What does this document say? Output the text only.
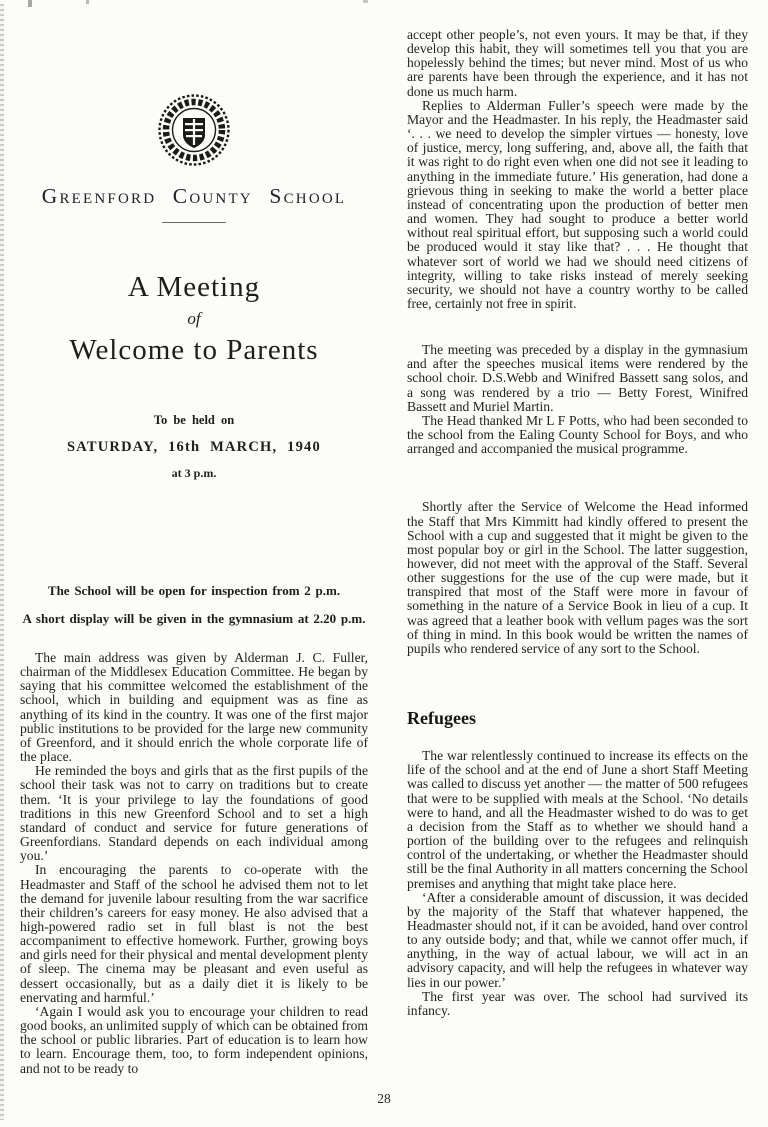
Greenford County School
A Meeting
of
Welcome to Parents
To be held on
SATURDAY, 16th MARCH, 1940
at 3 p.m.

The School will be open for inspection from 2 p.m.

A short display will be given in the gymnasium at 2.20 p.m.

The main address was given by Alderman J. C. Fuller, chairman of the Middlesex Education Committee. He began by saying that his committee welcomed the establishment of the school, which in building and equipment was as fine as anything of its kind in the country. It was one of the first major public institutions to be provided for the large new community of Greenford, and it should enrich the whole corporate life of the place.

He reminded the boys and girls that as the first pupils of the school their task was not to carry on traditions but to create them. ‘It is your privilege to lay the foundations of good traditions in this new Greenford School and to set a high standard of conduct and service for future generations of Greenfordians. Standard depends on each individual among you.’

In encouraging the parents to co-operate with the Headmaster and Staff of the school he advised them not to let the demand for juvenile labour resulting from the war sacrifice their children’s careers for easy money. He also advised that a high-powered radio set in full blast is not the best accompaniment to effective homework. Further, growing boys and girls need for their physical and mental development plenty of sleep. The cinema may be pleasant and even useful as dessert occasionally, but as a daily diet it is likely to be enervating and harmful.’

‘Again I would ask you to encourage your children to read good books, an unlimited supply of which can be obtained from the school or public libraries. Part of education is to learn how to learn. Encourage them, too, to form independent opinions, and not to be ready to

accept other people’s, not even yours. It may be that, if they develop this habit, they will sometimes tell you that you are hopelessly behind the times; but never mind. Most of us who are parents have been through the experience, and it has not done us much harm.

Replies to Alderman Fuller’s speech were made by the Mayor and the Headmaster. In his reply, the Headmaster said ‘. . . we need to develop the simpler virtues — honesty, love of justice, mercy, long suffering, and, above all, the faith that it was right to do right even when one did not see it leading to anything in the immediate future.’ His generation, had done a grievous thing in seeking to make the world a better place instead of concentrating upon the production of better men and women. They had sought to produce a better world without real spiritual effort, but supposing such a world could be produced would it stay like that? . . . He thought that whatever sort of world we had we should need citizens of integrity, willing to take risks instead of merely seeking security, we should not have a country worthy to be called free, certainly not free in spirit.

The meeting was preceded by a display in the gymnasium and after the speeches musical items were rendered by the school choir. D.S.Webb and Winifred Bassett sang solos, and a song was rendered by a trio — Betty Forest, Winifred Bassett and Muriel Martin.

The Head thanked Mr L F Potts, who had been seconded to the school from the Ealing County School for Boys, and who arranged and accompanied the musical programme.

Shortly after the Service of Welcome the Head informed the Staff that Mrs Kimmitt had kindly offered to present the School with a cup and suggested that it might be given to the most popular boy or girl in the School. The latter suggestion, however, did not meet with the approval of the Staff. Several other suggestions for the use of the cup were made, but it transpired that most of the Staff were more in favour of something in the nature of a Service Book in lieu of a cup. It was agreed that a leather book with vellum pages was the sort of thing in mind. In this book would be written the names of pupils who rendered service of any sort to the School.

Refugees

The war relentlessly continued to increase its effects on the life of the school and at the end of June a short Staff Meeting was called to discuss yet another — the matter of 500 refugees that were to be supplied with meals at the School. ‘No details were to hand, and all the Headmaster wished to do was to get a decision from the Staff as to whether we should hand a portion of the building over to the refugees and relinquish control of the undertaking, or whether the Headmaster should still be the final Authority in all matters concerning the School premises and anything that might take place here.

‘After a considerable amount of discussion, it was decided by the majority of the Staff that whatever happened, the Headmaster should not, if it can be avoided, hand over control to any outside body; and that, while we cannot offer much, if anything, in the way of actual labour, we will act in an advisory capacity, and will help the refugees in whatever way lies in our power.’

The first year was over. The school had survived its infancy.

28
